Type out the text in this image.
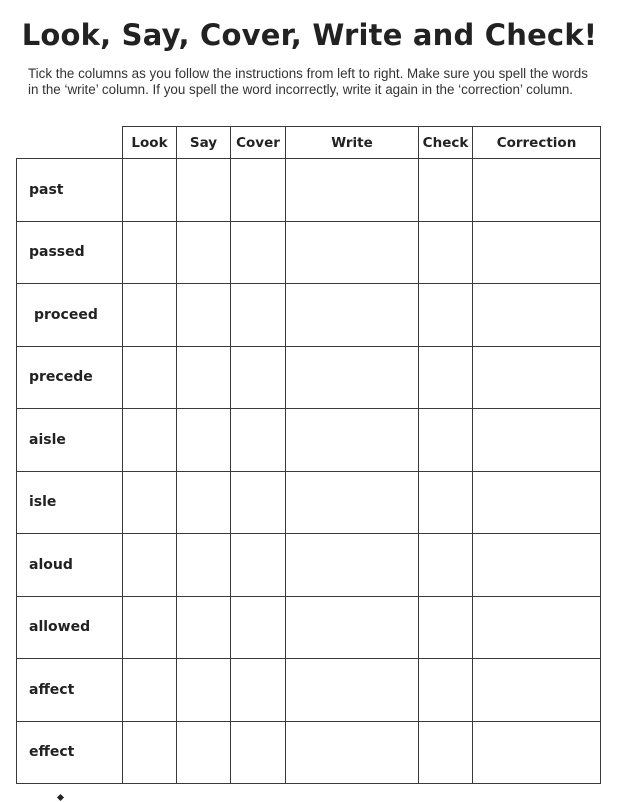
Look, Say, Cover, Write and Check!

Tick the columns as you follow the instructions from left to right. Make sure you spell the words in the ‘write’ column. If you spell the word incorrectly, write it again in the ‘correction’ column.

	Look	Say	Cover	Write	Check	Correction
past						
passed						
proceed						
precede						
aisle						
isle						
aloud						
allowed						
affect						
effect						
